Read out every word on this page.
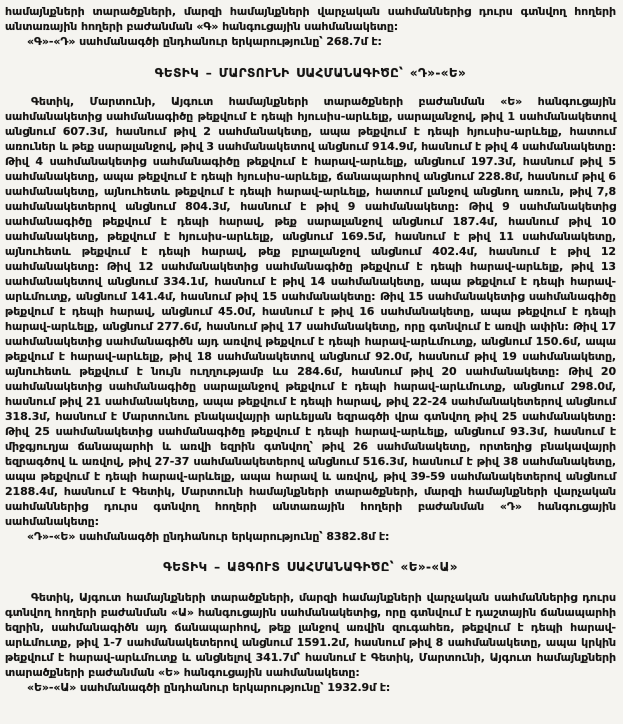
համայնքների տարածքների, մարզի համայնքների վարչական սահմաններից դուրս գտնվող հողերի անտառային հողերի բաժանման «Գ» հանգուցային սահմանակետը:

«Գ»-«Դ» սահմանագծի ընդհանուր երկարությունը՝ 268.7մ է:

ԳԵՏԻԿ – ՄԱՐՏՈՒՆԻ ՍԱՀՄԱՆԱԳԻԾԸ՝ «Դ»-«Ե»

Գետիկ, Մարտունի, Այգուտ համայնքների տարածքների բաժանման «Ե» հանգուցային սահմանակետից սահմանագիծը թեքվում է դեպի հյուսիս-արևելք, սարալանջով, թիվ 1 սահմանակետով անցնում 607.3մ, հասնում թիվ 2 սահմանակետը, ապա թեքվում է դեպի հյուսիս-արևելք, հատում առուներ և թեք սարալանջով, թիվ 3 սահմանակետով անցնում 914.9մ, հասնում է թիվ 4 սահմանակետը: Թիվ 4 սահմանակետից սահմանագիծը թեքվում է հարավ-արևելք, անցնում 197.3մ, հասնում թիվ 5 սահմանակետը, ապա թեքվում է դեպի հյուսիս-արևելք, ճանապարհով անցնում 228.8մ, հասնում թիվ 6 սահմանակետը, այնուհետև թեքվում է դեպի հարավ-արևելք, հատում լանջով անցնող առուն, թիվ 7,8 սահմանակետերով անցնում 804.3մ, հասնում է թիվ 9 սահմանակետը: Թիվ 9 սահմանակետից սահմանագիծը թեքվում է դեպի հարավ, թեք սարալանջով անցնում 187.4մ, հասնում թիվ 10 սահմանակետը, թեքվում է հյուսիս-արևելք, անցնում 169.5մ, հասնում է թիվ 11 սահմանակետը, այնուհետև թեքվում է դեպի հարավ, թեք բլրալանջով անցնում 402.4մ, հասնում է թիվ 12 սահմանակետը: Թիվ 12 սահմանակետից սահմանագիծը թեքվում է դեպի հարավ-արևելք, թիվ 13 սահմանակետով անցնում 334.1մ, հասնում է թիվ 14 սահմանակետը, ապա թեքվում է դեպի հարավ-արևմուտք, անցնում 141.4մ, հասնում թիվ 15 սահմանակետը: Թիվ 15 սահմանակետից սահմանագիծը թեքվում է դեպի հարավ, անցնում 45.0մ, հասնում է թիվ 16 սահմանակետը, ապա թեքվում է դեպի հարավ-արևելք, անցնում 277.6մ, հասնում թիվ 17 սահմանակետը, որը գտնվում է առվի ափին: Թիվ 17 սահմանակետից սահմանագիծն այդ առվով թեքվում է դեպի հարավ-արևմուտք, անցնում 150.6մ, ապա թեքվում է հարավ-արևելք, թիվ 18 սահմանակետով անցնում 92.0մ, հասնում թիվ 19 սահմանակետը, այնուհետև թեքվում է նույն ուղղությամբ ևս 284.6մ, հասնում թիվ 20 սահմանակետը: Թիվ 20 սահմանակետից սահմանագիծը սարալանջով թեքվում է դեպի հարավ-արևմուտք, անցնում 298.0մ, հասնում թիվ 21 սահմանակետը, ապա թեքվում է դեպի հարավ, թիվ 22-24 սահմանակետերով անցնում 318.3մ, հասնում է Մարտունու բնակավայրի արևելյան եզրագծի վրա գտնվող թիվ 25 սահմանակետը: Թիվ 25 սահմանակետից սահմանագիծը թեքվում է դեպի հարավ-արևելք, անցնում 93.3մ, հասնում է միջգյուղյա ճանապարհի և առվի եզրին գտնվող՝ թիվ 26 սահմանակետը, որտեղից բնակավայրի եզրագծով և առվով, թիվ 27-37 սահմանակետերով անցնում 516.3մ, հասնում է թիվ 38 սահմանակետը, ապա թեքվում է դեպի հարավ-արևելք, ապա հարավ և առվով, թիվ 39-59 սահմանակետերով անցնում 2188.4մ, հասնում է Գետիկ, Մարտունի համայնքների տարածքների, մարզի համայնքների վարչական սահմաններից դուրս գտնվող հողերի անտառային հողերի բաժանման «Դ» հանգուցային սահմանակետը:

«Դ»-«Ե» սահմանագծի ընդհանուր երկարությունը՝ 8382.8մ է:

ԳԵՏԻԿ – ԱՅԳՈՒՏ ՍԱՀՄԱՆԱԳԻԾԸ՝ «Ե»-«Ա»

Գետիկ, Այգուտ համայնքների տարածքների, մարզի համայնքների վարչական սահմաններից դուրս գտնվող հողերի բաժանման «Ա» հանգուցային սահմանակետից, որը գտնվում է դաշտային ճանապարհի եզրին, սահմանագիծն այդ ճանապարհով, թեք լանջով առվին զուգահեռ, թեքվում է դեպի հարավ-արևմուտք, թիվ 1-7 սահմանակետերով անցնում 1591.2մ, հասնում թիվ 8 սահմանակետը, ապա կրկին թեքվում է հարավ-արևմուտք և անցնելով 341.7մ՝ հասնում է Գետիկ, Մարտունի, Այգուտ համայնքների տարածքների բաժանման «Ե» հանգուցային սահմանակետը:

«Ե»-«Ա» սահմանագծի ընդհանուր երկարությունը՝ 1932.9մ է:
